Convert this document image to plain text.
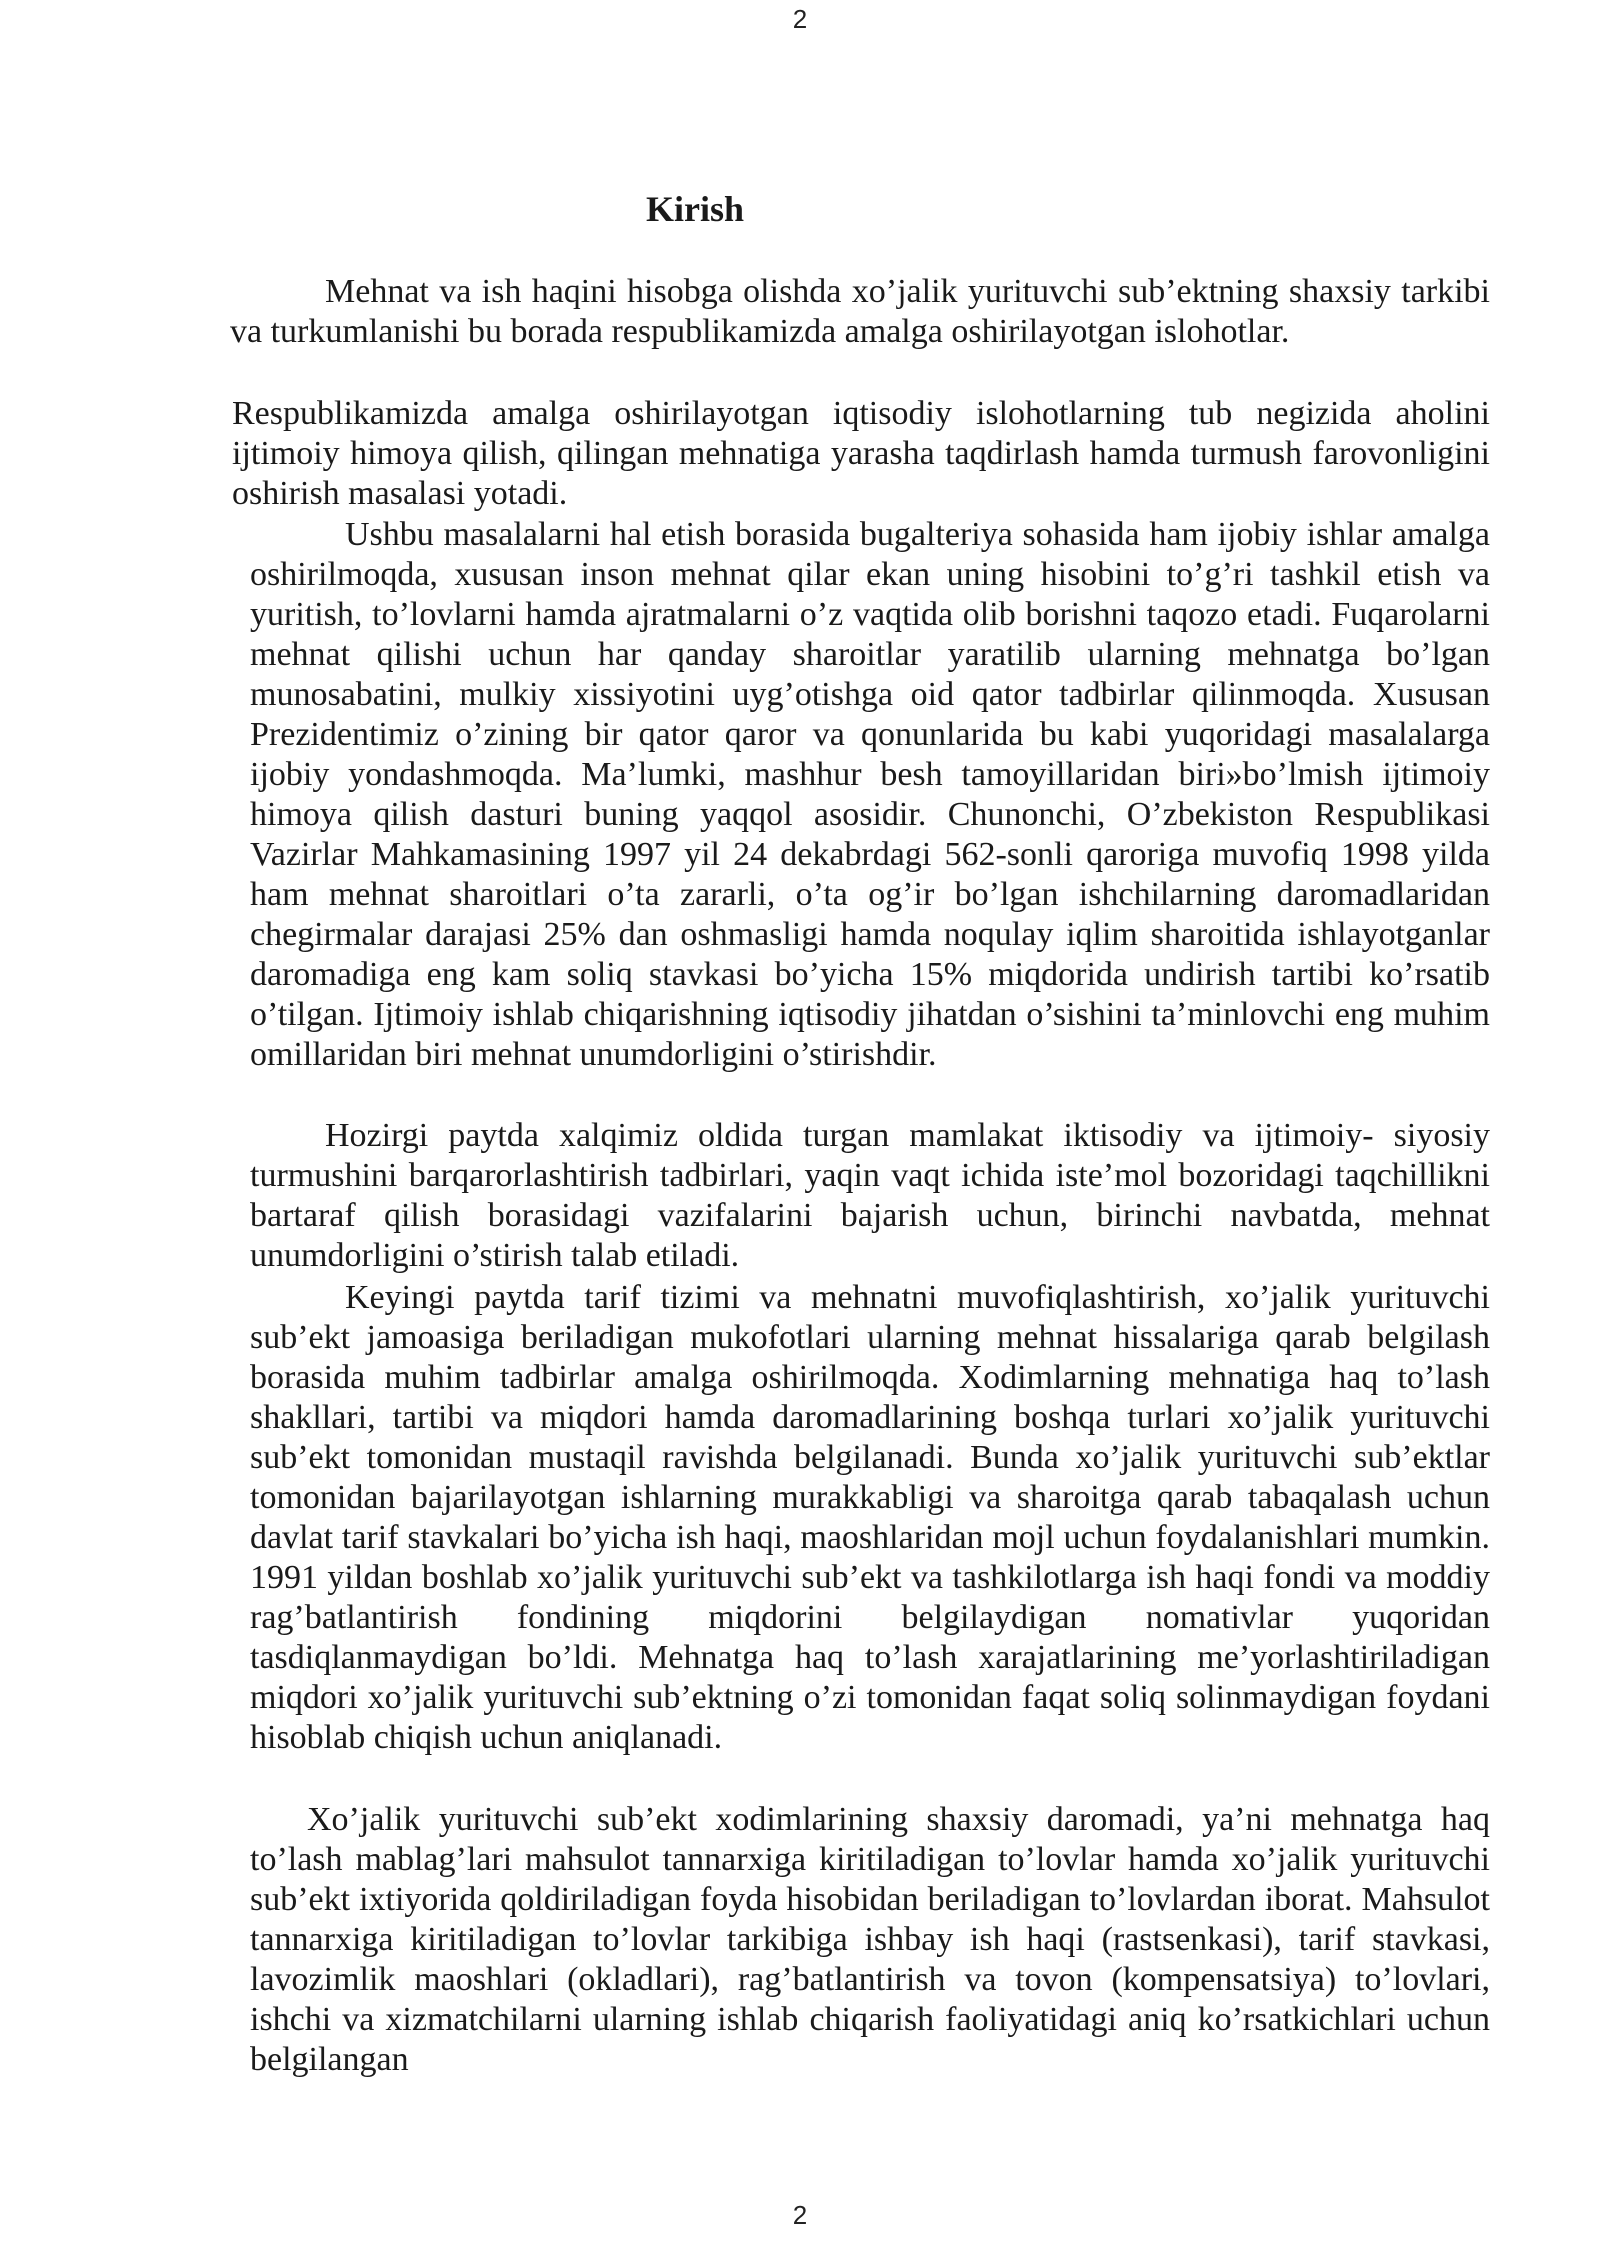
2
Kirish

Mehnat va ish haqini hisobga olishda xo’jalik yurituvchi sub’ektning shaxsiy tarkibi va turkumlanishi bu borada respublikamizda amalga oshirilayotgan islohotlar.

Respublikamizda amalga oshirilayotgan iqtisodiy islohotlarning tub negizida aholini ijtimoiy himoya qilish, qilingan mehnatiga yarasha taqdirlash hamda turmush farovonligini oshirish masalasi yotadi.

Ushbu masalalarni hal etish borasida bugalteriya sohasida ham ijobiy ishlar amalga oshirilmoqda, xususan inson mehnat qilar ekan uning hisobini to’g’ri tashkil etish va yuritish, to’lovlarni hamda ajratmalarni o’z vaqtida olib borishni taqozo etadi. Fuqarolarni mehnat qilishi uchun har qanday sharoitlar yaratilib ularning mehnatga bo’lgan munosabatini, mulkiy xissiyotini uyg’otishga oid qator tadbirlar qilinmoqda. Xususan Prezidentimiz o’zining bir qator qaror va qonunlarida bu kabi yuqoridagi masalalarga ijobiy yondashmoqda. Ma’lumki, mashhur besh tamoyillaridan biri»bo’lmish ijtimoiy himoya qilish dasturi buning yaqqol asosidir. Chunonchi, O’zbekiston Respublikasi Vazirlar Mahkamasining 1997 yil 24 dekabrdagi 562-sonli qaroriga muvofiq 1998 yilda ham mehnat sharoitlari o’ta zararli, o’ta og’ir bo’lgan ishchilarning daromadlaridan chegirmalar darajasi 25% dan oshmasligi hamda noqulay iqlim sharoitida ishlayotganlar daromadiga eng kam soliq stavkasi bo’yicha 15% miqdorida undirish tartibi ko’rsatib o’tilgan. Ijtimoiy ishlab chiqarishning iqtisodiy jihatdan o’sishini ta’minlovchi eng muhim omillaridan biri mehnat unumdorligini o’stirishdir.

Hozirgi paytda xalqimiz oldida turgan mamlakat iktisodiy va ijtimoiy- siyosiy turmushini barqarorlashtirish tadbirlari, yaqin vaqt ichida iste’mol bozoridagi taqchillikni bartaraf qilish borasidagi vazifalarini bajarish uchun, birinchi navbatda, mehnat unumdorligini o’stirish talab etiladi.

Keyingi paytda tarif tizimi va mehnatni muvofiqlashtirish, xo’jalik yurituvchi sub’ekt jamoasiga beriladigan mukofotlari ularning mehnat hissalariga qarab belgilash borasida muhim tadbirlar amalga oshirilmoqda. Xodimlarning mehnatiga haq to’lash shakllari, tartibi va miqdori hamda daromadlarining boshqa turlari xo’jalik yurituvchi sub’ekt tomonidan mustaqil ravishda belgilanadi. Bunda xo’jalik yurituvchi sub’ektlar tomonidan bajarilayotgan ishlarning murakkabligi va sharoitga qarab tabaqalash uchun davlat tarif stavkalari bo’yicha ish haqi, maoshlaridan mojl uchun foydalanishlari mumkin. 1991 yildan boshlab xo’jalik yurituvchi sub’ekt va tashkilotlarga ish haqi fondi va moddiy rag’batlantirish fondining miqdorini belgilaydigan nomativlar yuqoridan tasdiqlanmaydigan bo’ldi. Mehnatga haq to’lash xarajatlarining me’yorlashtiriladigan miqdori xo’jalik yurituvchi sub’ektning o’zi tomonidan faqat soliq solinmaydigan foydani hisoblab chiqish uchun aniqlanadi.

Xo’jalik yurituvchi sub’ekt xodimlarining shaxsiy daromadi, ya’ni mehnatga haq to’lash mablag’lari mahsulot tannarxiga kiritiladigan to’lovlar hamda xo’jalik yurituvchi sub’ekt ixtiyorida qoldiriladigan foyda hisobidan beriladigan to’lovlardan iborat. Mahsulot tannarxiga kiritiladigan to’lovlar tarkibiga ishbay ish haqi (rastsenkasi), tarif stavkasi, lavozimlik maoshlari (okladlari), rag’batlantirish va tovon (kompensatsiya) to’lovlari, ishchi va xizmatchilarni ularning ishlab chiqarish faoliyatidagi aniq ko’rsatkichlari uchun belgilangan

2
